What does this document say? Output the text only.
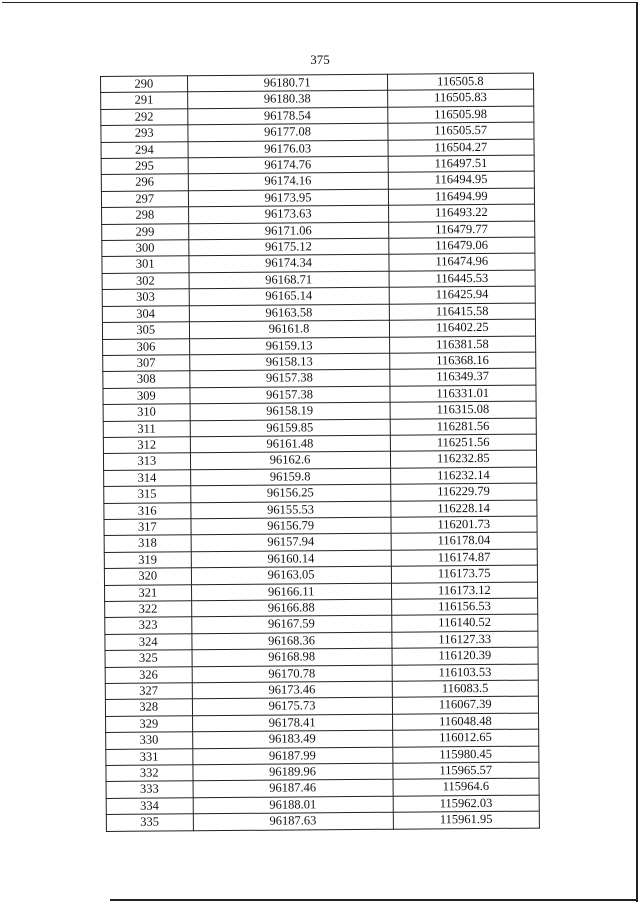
375
290	96180.71	116505.8
291	96180.38	116505.83
292	96178.54	116505.98
293	96177.08	116505.57
294	96176.03	116504.27
295	96174.76	116497.51
296	96174.16	116494.95
297	96173.95	116494.99
298	96173.63	116493.22
299	96171.06	116479.77
300	96175.12	116479.06
301	96174.34	116474.96
302	96168.71	116445.53
303	96165.14	116425.94
304	96163.58	116415.58
305	96161.8	116402.25
306	96159.13	116381.58
307	96158.13	116368.16
308	96157.38	116349.37
309	96157.38	116331.01
310	96158.19	116315.08
311	96159.85	116281.56
312	96161.48	116251.56
313	96162.6	116232.85
314	96159.8	116232.14
315	96156.25	116229.79
316	96155.53	116228.14
317	96156.79	116201.73
318	96157.94	116178.04
319	96160.14	116174.87
320	96163.05	116173.75
321	96166.11	116173.12
322	96166.88	116156.53
323	96167.59	116140.52
324	96168.36	116127.33
325	96168.98	116120.39
326	96170.78	116103.53
327	96173.46	116083.5
328	96175.73	116067.39
329	96178.41	116048.48
330	96183.49	116012.65
331	96187.99	115980.45
332	96189.96	115965.57
333	96187.46	115964.6
334	96188.01	115962.03
335	96187.63	115961.95
